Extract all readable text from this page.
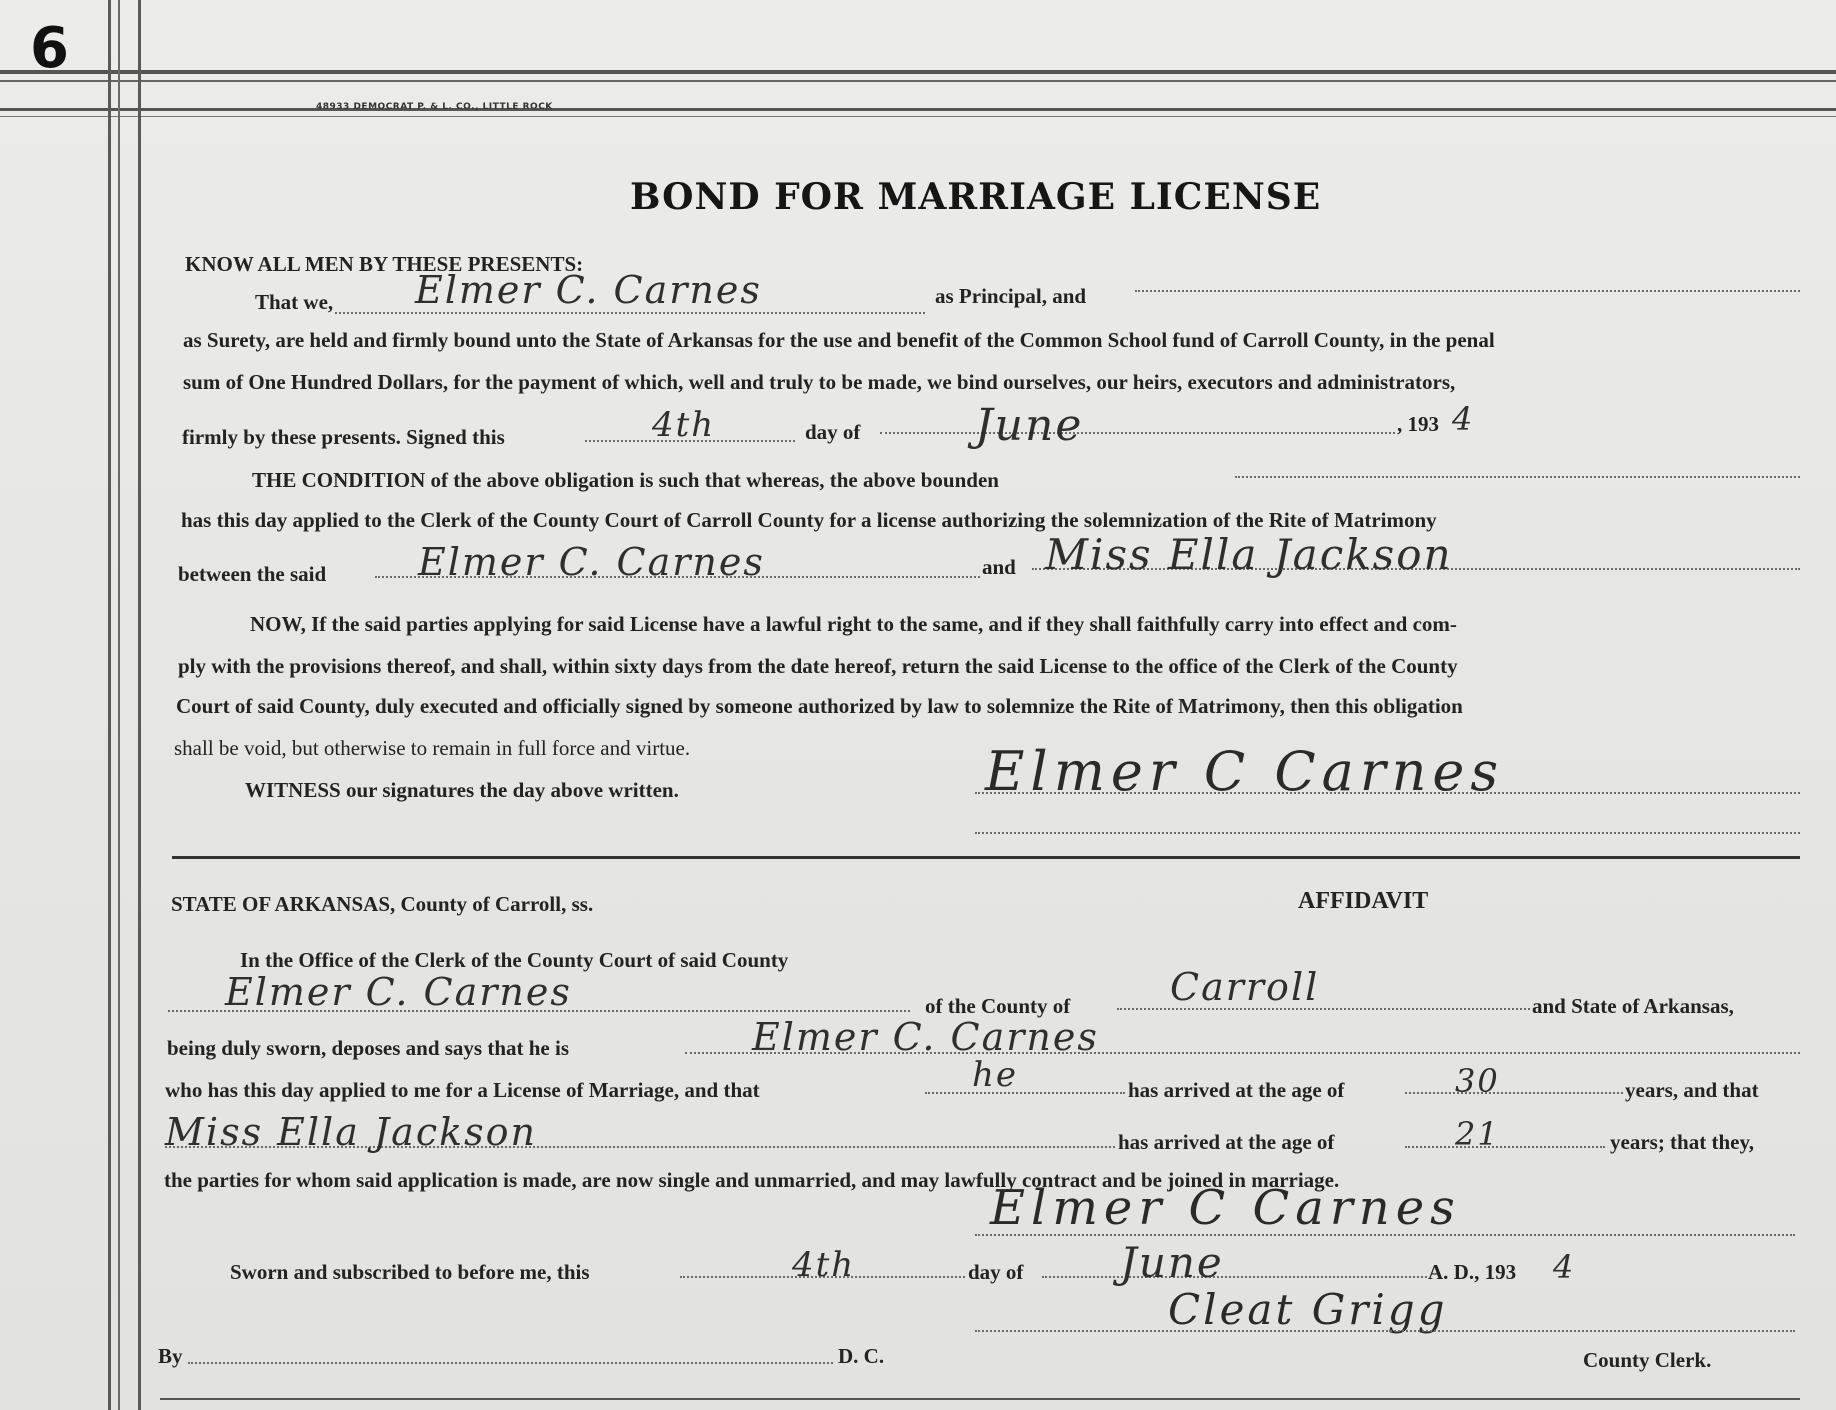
6
48933 DEMOCRAT P. & L. CO., LITTLE ROCK
BOND FOR MARRIAGE LICENSE
KNOW ALL MEN BY THESE PRESENTS:
That we, Elmer C. Carnes	as Principal, and
as Surety, are held and firmly bound unto the State of Arkansas for the use and benefit of the Common School fund of Carroll County, in the penal
sum of One Hundred Dollars, for the payment of which, well and truly to be made, we bind ourselves, our heirs, executors and administrators,
firmly by these presents. Signed this	4th	day of	June	, 193 4
THE CONDITION of the above obligation is such that whereas, the above bounden
has this day applied to the Clerk of the County Court of Carroll County for a license authorizing the solemnization of the Rite of Matrimony
between the said Elmer C. Carnes	and Miss Ella Jackson
NOW, If the said parties applying for said License have a lawful right to the same, and if they shall faithfully carry into effect and com-
ply with the provisions thereof, and shall, within sixty days from the date hereof, return the said License to the office of the Clerk of the County
Court of said County, duly executed and officially signed by someone authorized by law to solemnize the Rite of Matrimony, then this obligation
shall be void, but otherwise to remain in full force and virtue.
WITNESS our signatures the day above written.	Elmer C Carnes
STATE OF ARKANSAS, County of Carroll, ss.	AFFIDAVIT
In the Office of the Clerk of the County Court of said County
Elmer C. Carnes	of the County of	Carroll	and State of Arkansas,
being duly sworn, deposes and says that he is	Elmer C. Carnes
who has this day applied to me for a License of Marriage, and that	he	has arrived at the age of	30	years, and that
Miss Ella Jackson	has arrived at the age of	21	years; that they,
the parties for whom said application is made, are now single and unmarried, and may lawfully contract and be joined in marriage.
Elmer C Carnes
Sworn and subscribed to before me, this	4th	day of June	A. D., 193 4
Cleat Grigg
By	D. C.	County Clerk.
